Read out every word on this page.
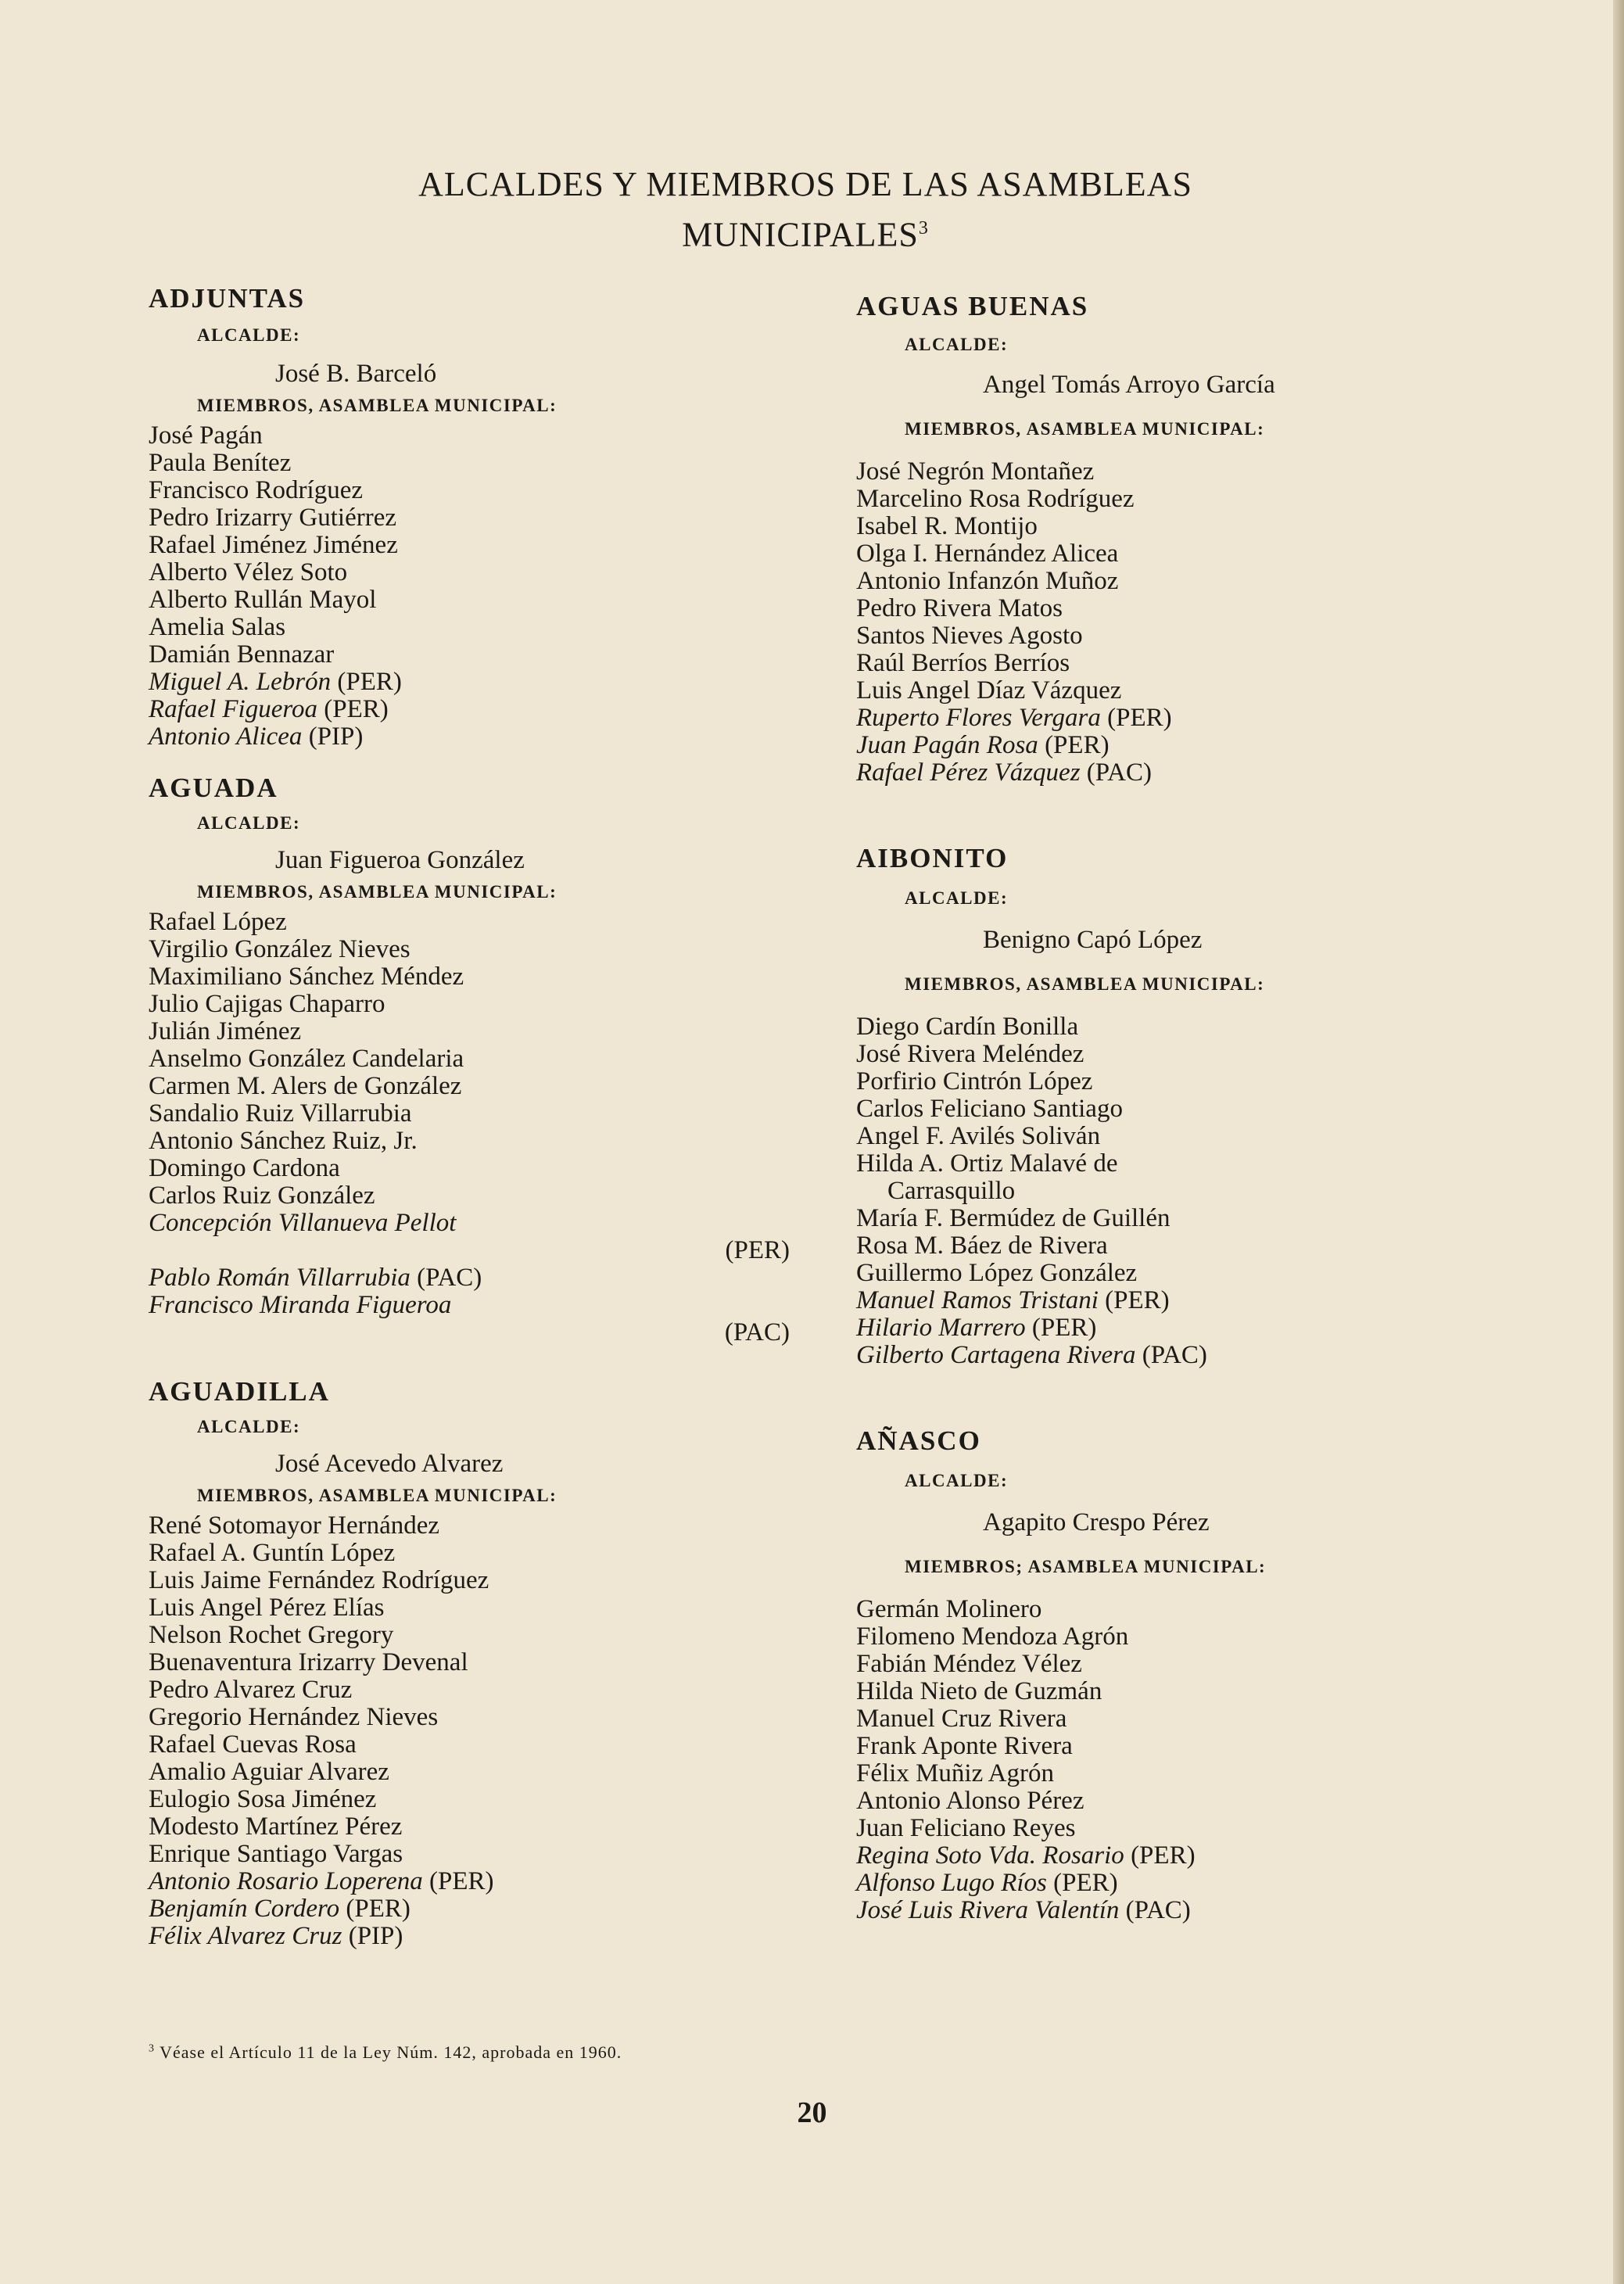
ALCALDES Y MIEMBROS DE LAS ASAMBLEAS
MUNICIPALES$^3$
ADJUNTAS

ALCALDE:

José B. Barceló

MIEMBROS, ASAMBLEA MUNICIPAL:

José Pagán
Paula Benítez
Francisco Rodríguez
Pedro Irizarry Gutiérrez
Rafael Jiménez Jiménez
Alberto Vélez Soto
Alberto Rullán Mayol
Amelia Salas
Damián Bennazar
Miguel A. Lebrón (PER)
Rafael Figueroa (PER)
Antonio Alicea (PIP)
AGUADA

ALCALDE:

Juan Figueroa González

MIEMBROS, ASAMBLEA MUNICIPAL:

Rafael López
Virgilio González Nieves
Maximiliano Sánchez Méndez
Julio Cajigas Chaparro
Julián Jiménez
Anselmo González Candelaria
Carmen M. Alers de González
Sandalio Ruiz Villarrubia
Antonio Sánchez Ruiz, Jr.
Domingo Cardona
Carlos Ruiz González
Concepción Villanueva Pellot
(PER)
Pablo Román Villarrubia (PAC)
Francisco Miranda Figueroa
(PAC)
AGUADILLA

ALCALDE:

José Acevedo Alvarez

MIEMBROS, ASAMBLEA MUNICIPAL:

René Sotomayor Hernández
Rafael A. Guntín López
Luis Jaime Fernández Rodríguez
Luis Angel Pérez Elías
Nelson Rochet Gregory
Buenaventura Irizarry Devenal
Pedro Alvarez Cruz
Gregorio Hernández Nieves
Rafael Cuevas Rosa
Amalio Aguiar Alvarez
Eulogio Sosa Jiménez
Modesto Martínez Pérez
Enrique Santiago Vargas
Antonio Rosario Loperena (PER)
Benjamín Cordero (PER)
Félix Alvarez Cruz (PIP)
AGUAS BUENAS

ALCALDE:

Angel Tomás Arroyo García

MIEMBROS, ASAMBLEA MUNICIPAL:

José Negrón Montañez
Marcelino Rosa Rodríguez
Isabel R. Montijo
Olga I. Hernández Alicea
Antonio Infanzón Muñoz
Pedro Rivera Matos
Santos Nieves Agosto
Raúl Berríos Berríos
Luis Angel Díaz Vázquez
Ruperto Flores Vergara (PER)
Juan Pagán Rosa (PER)
Rafael Pérez Vázquez (PAC)
AIBONITO

ALCALDE:

Benigno Capó López

MIEMBROS, ASAMBLEA MUNICIPAL:

Diego Cardín Bonilla
José Rivera Meléndez
Porfirio Cintrón López
Carlos Feliciano Santiago
Angel F. Avilés Soliván
Hilda A. Ortiz Malavé de
Carrasquillo
María F. Bermúdez de Guillén
Rosa M. Báez de Rivera
Guillermo López González
Manuel Ramos Tristani (PER)
Hilario Marrero (PER)
Gilberto Cartagena Rivera (PAC)
AÑASCO

ALCALDE:

Agapito Crespo Pérez

MIEMBROS; ASAMBLEA MUNICIPAL:

Germán Molinero
Filomeno Mendoza Agrón
Fabián Méndez Vélez
Hilda Nieto de Guzmán
Manuel Cruz Rivera
Frank Aponte Rivera
Félix Muñiz Agrón
Antonio Alonso Pérez
Juan Feliciano Reyes
Regina Soto Vda. Rosario (PER)
Alfonso Lugo Ríos (PER)
José Luis Rivera Valentín (PAC)
$^3$ Véase el Artículo 11 de la Ley Núm. 142, aprobada en 1960.
20
